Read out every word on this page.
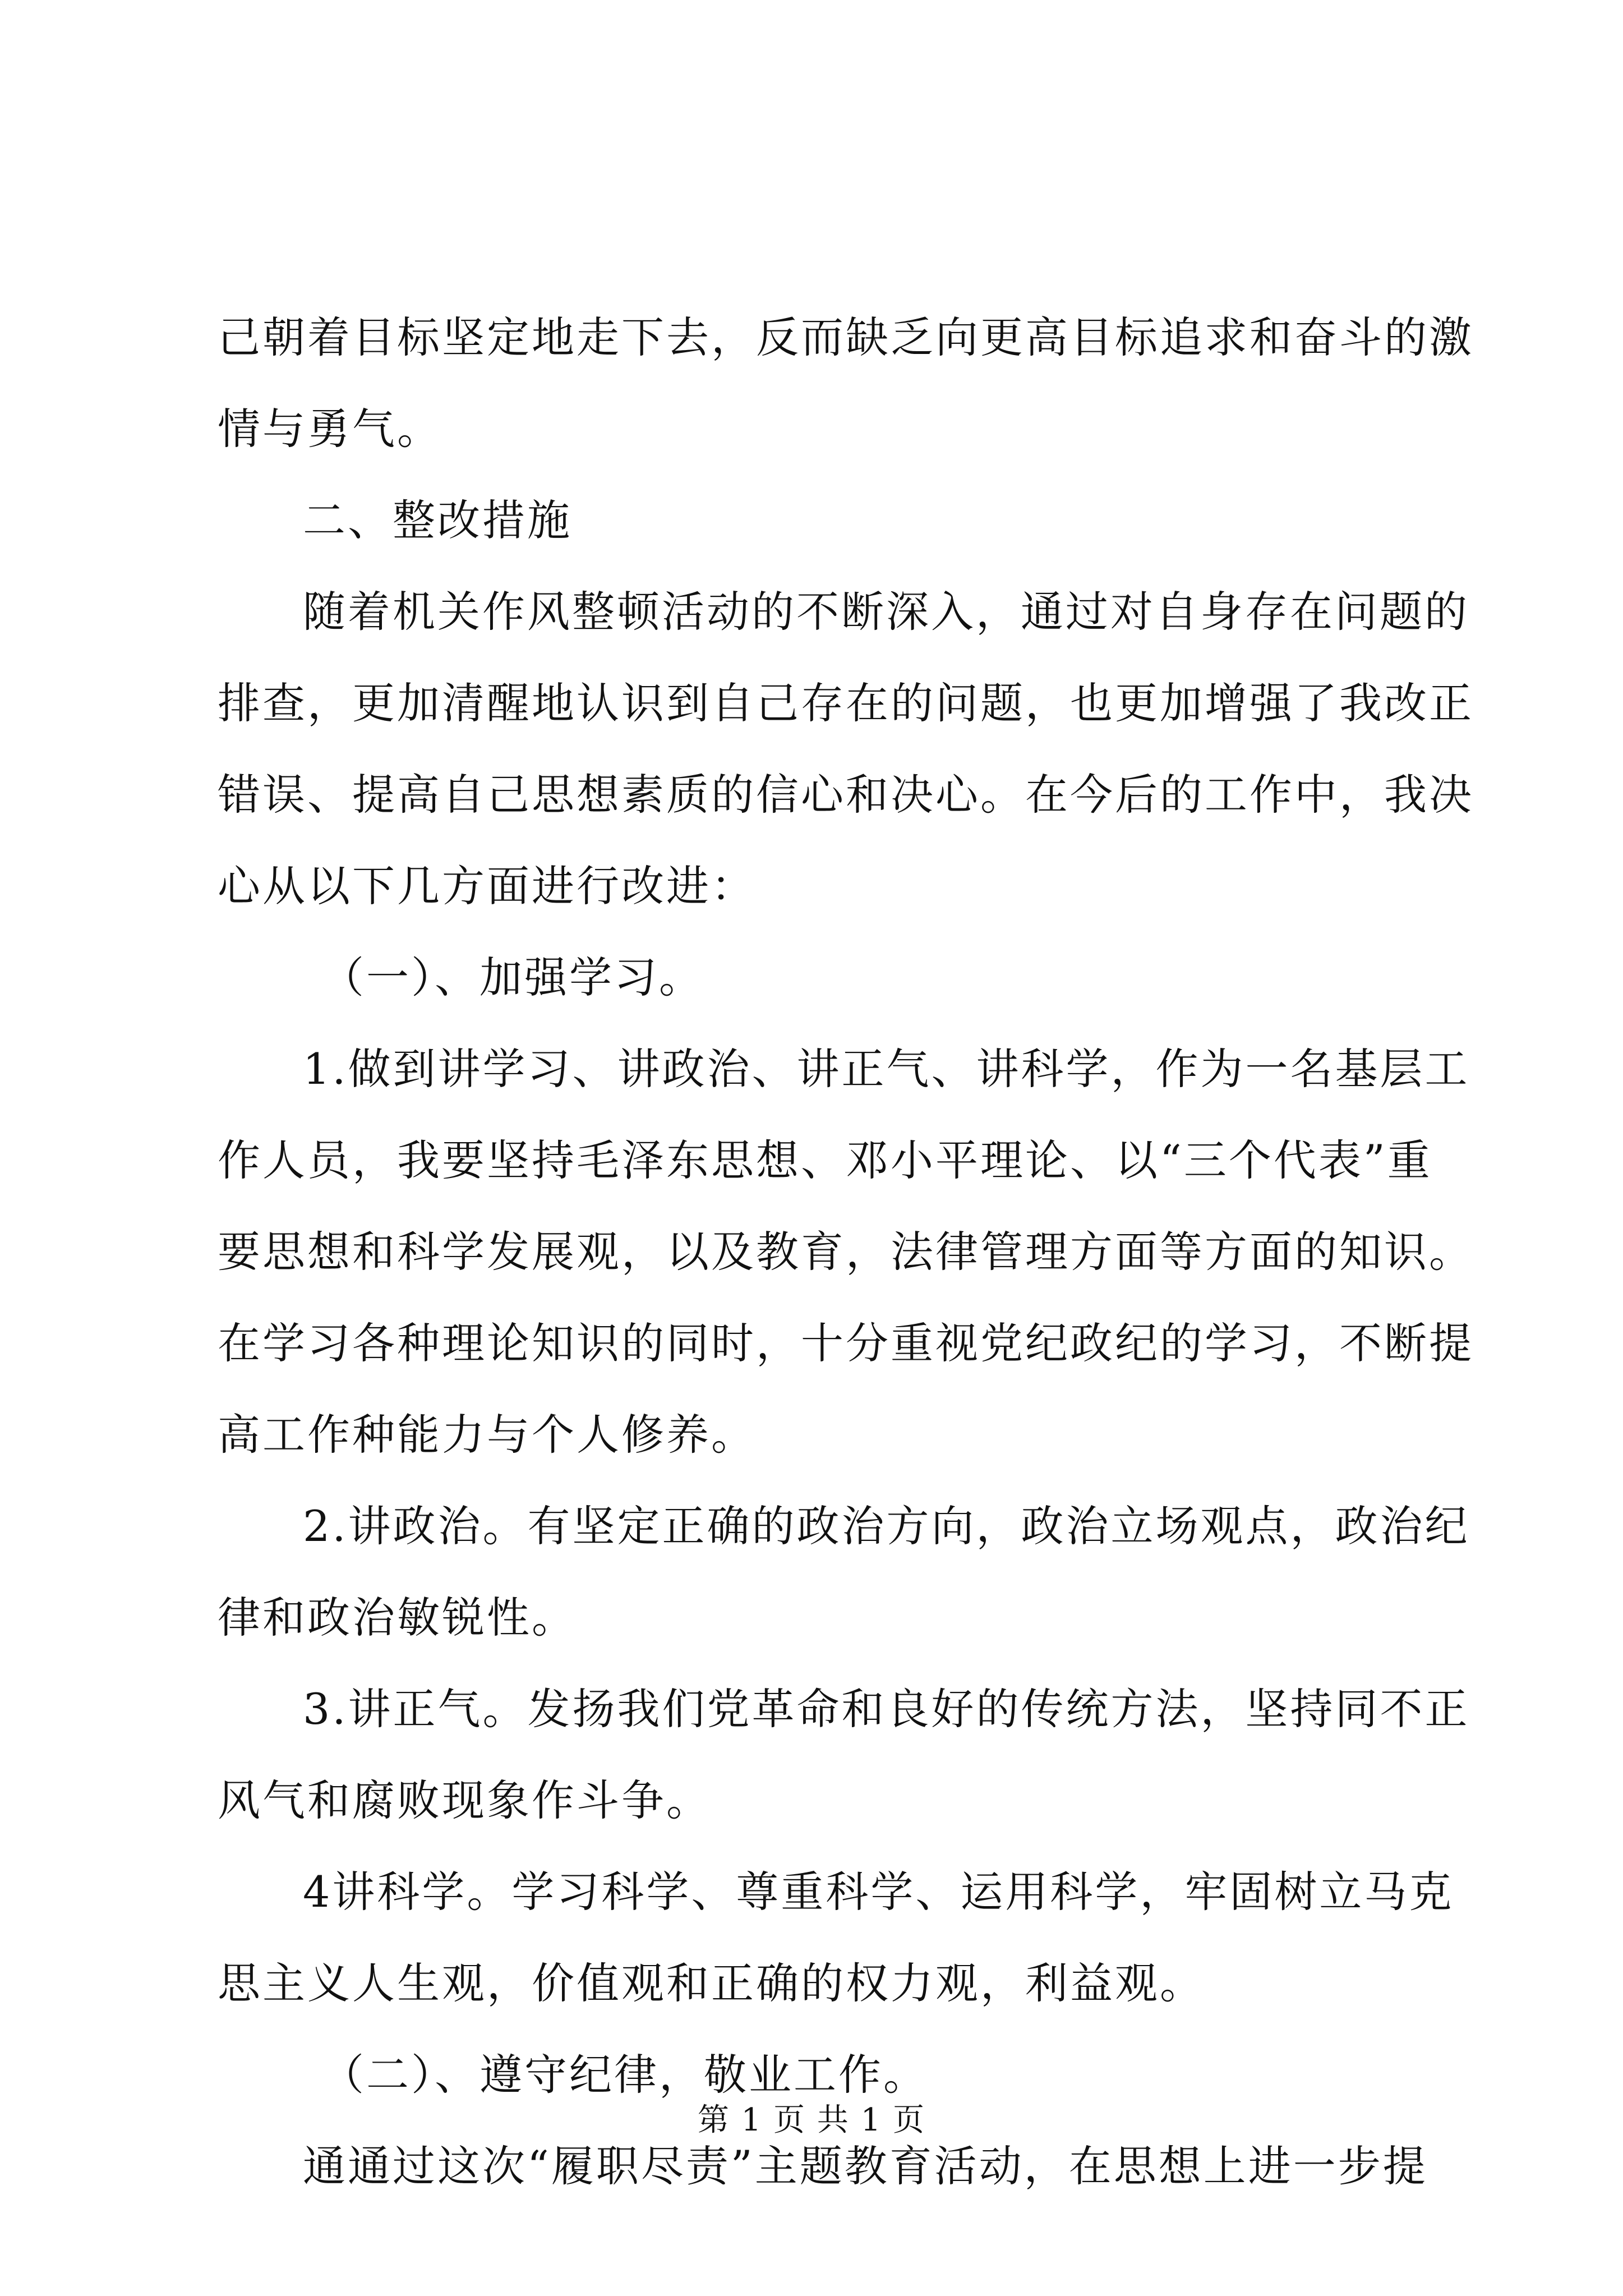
己朝着目标坚定地走下去，反而缺乏向更高目标追求和奋斗的激
情与勇气。
二、整改措施
随着机关作风整顿活动的不断深入，通过对自身存在问题的
排查，更加清醒地认识到自己存在的问题，也更加增强了我改正
错误、提高自己思想素质的信心和决心。在今后的工作中，我决
心从以下几方面进行改进：
（一）、加强学习。
1.做到讲学习、讲政治、讲正气、讲科学，作为一名基层工
作人员，我要坚持毛泽东思想、邓小平理论、以“三个代表”重
要思想和科学发展观，以及教育，法律管理方面等方面的知识。
在学习各种理论知识的同时，十分重视党纪政纪的学习，不断提
高工作种能力与个人修养。
2.讲政治。有坚定正确的政治方向，政治立场观点，政治纪
律和政治敏锐性。
3.讲正气。发扬我们党革命和良好的传统方法，坚持同不正
风气和腐败现象作斗争。
4讲科学。学习科学、尊重科学、运用科学，牢固树立马克
思主义人生观，价值观和正确的权力观，利益观。
（二）、遵守纪律，敬业工作。
通通过这次“履职尽责”主题教育活动，在思想上进一步提
第 1 页 共 1 页
